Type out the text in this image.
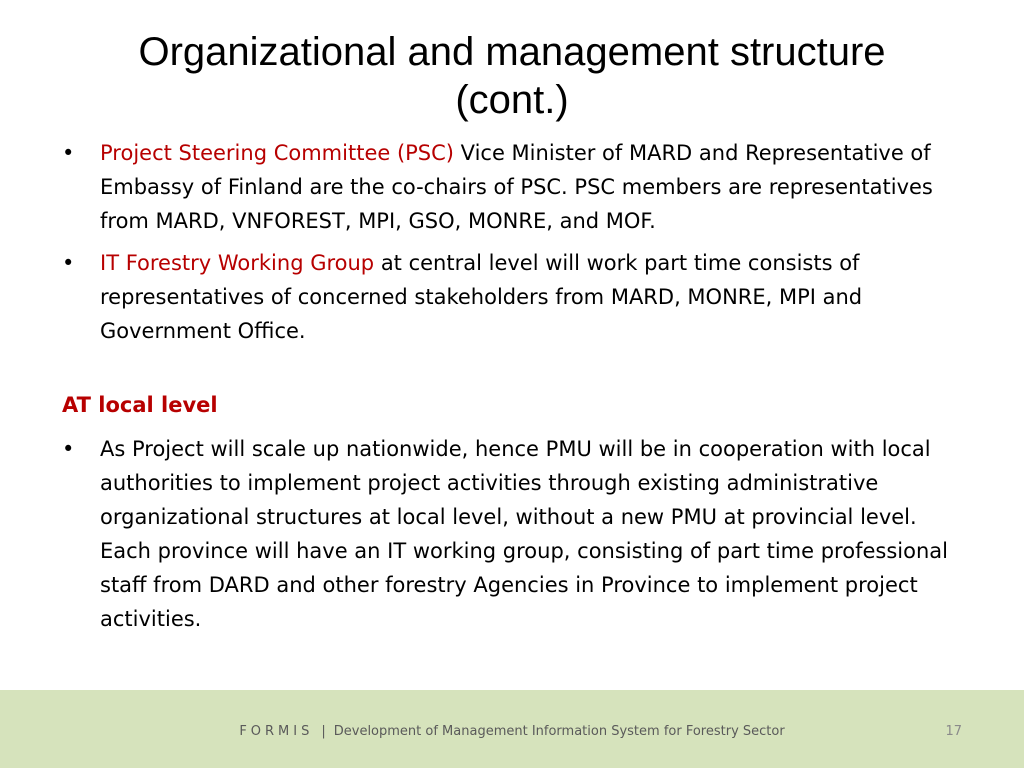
Organizational and management structure
(cont.)
•	Project Steering Committee (PSC) Vice Minister of MARD and Representative of Embassy of Finland are the co-chairs of PSC. PSC members are representatives from MARD, VNFOREST, MPI, GSO, MONRE, and MOF.
•	IT Forestry Working Group at central level will work part time consists of representatives of concerned stakeholders from MARD, MONRE, MPI and Government Office.
AT local level
•	As Project will scale up nationwide, hence PMU will be in cooperation with local authorities to implement project activities through existing administrative organizational structures at local level, without a new PMU at provincial level. Each province will have an IT working group, consisting of part time professional staff from DARD and other forestry Agencies in Province to implement project activities.
FORMIS | Development of Management Information System for Forestry Sector	17
